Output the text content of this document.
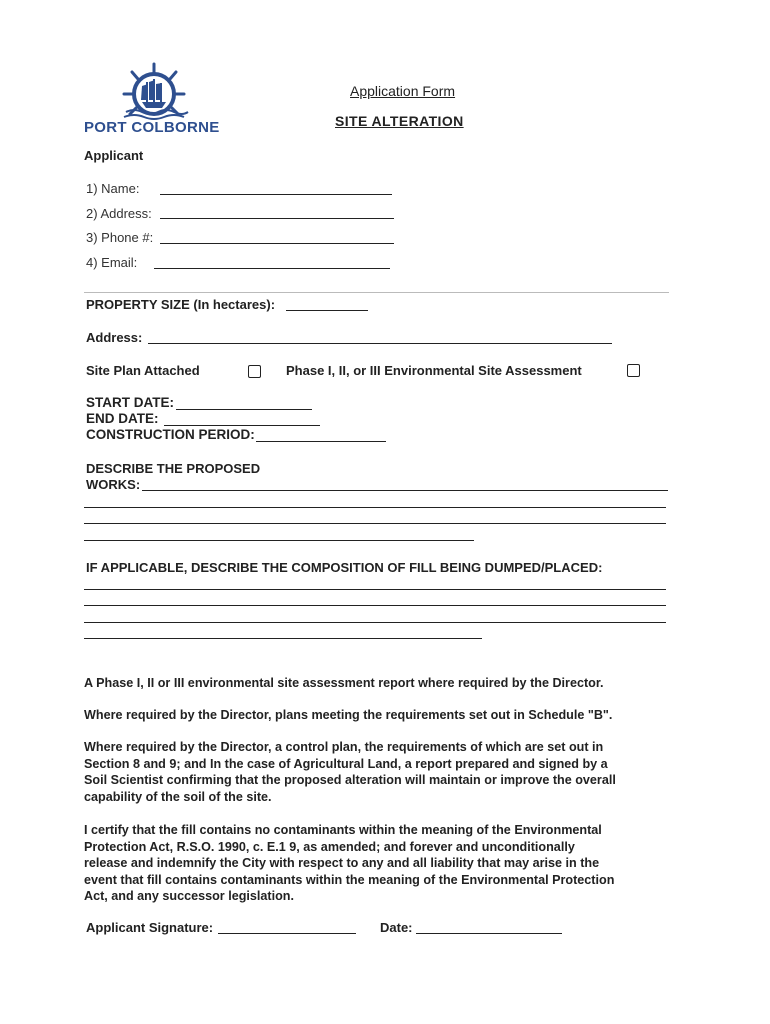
PORT COLBORNE
Application Form
SITE ALTERATION
Applicant
1) Name:
2) Address:
3) Phone #:
4) Email:
PROPERTY SIZE (In hectares):
Address:
Site Plan Attached	Phase I, II, or III Environmental Site Assessment
START DATE:
END DATE:
CONSTRUCTION PERIOD:
DESCRIBE THE PROPOSED
WORKS:
IF APPLICABLE, DESCRIBE THE COMPOSITION OF FILL BEING DUMPED/PLACED:
A Phase I, II or III environmental site assessment report where required by the Director.
Where required by the Director, plans meeting the requirements set out in Schedule "B".
Where required by the Director, a control plan, the requirements of which are set out in
Section 8 and 9; and In the case of Agricultural Land, a report prepared and signed by a
Soil Scientist confirming that the proposed alteration will maintain or improve the overall
capability of the soil of the site.
I certify that the fill contains no contaminants within the meaning of the Environmental
Protection Act, R.S.O. 1990, c. E.1 9, as amended; and forever and unconditionally
release and indemnify the City with respect to any and all liability that may arise in the
event that fill contains contaminants within the meaning of the Environmental Protection
Act, and any successor legislation.
Applicant Signature:	Date:
